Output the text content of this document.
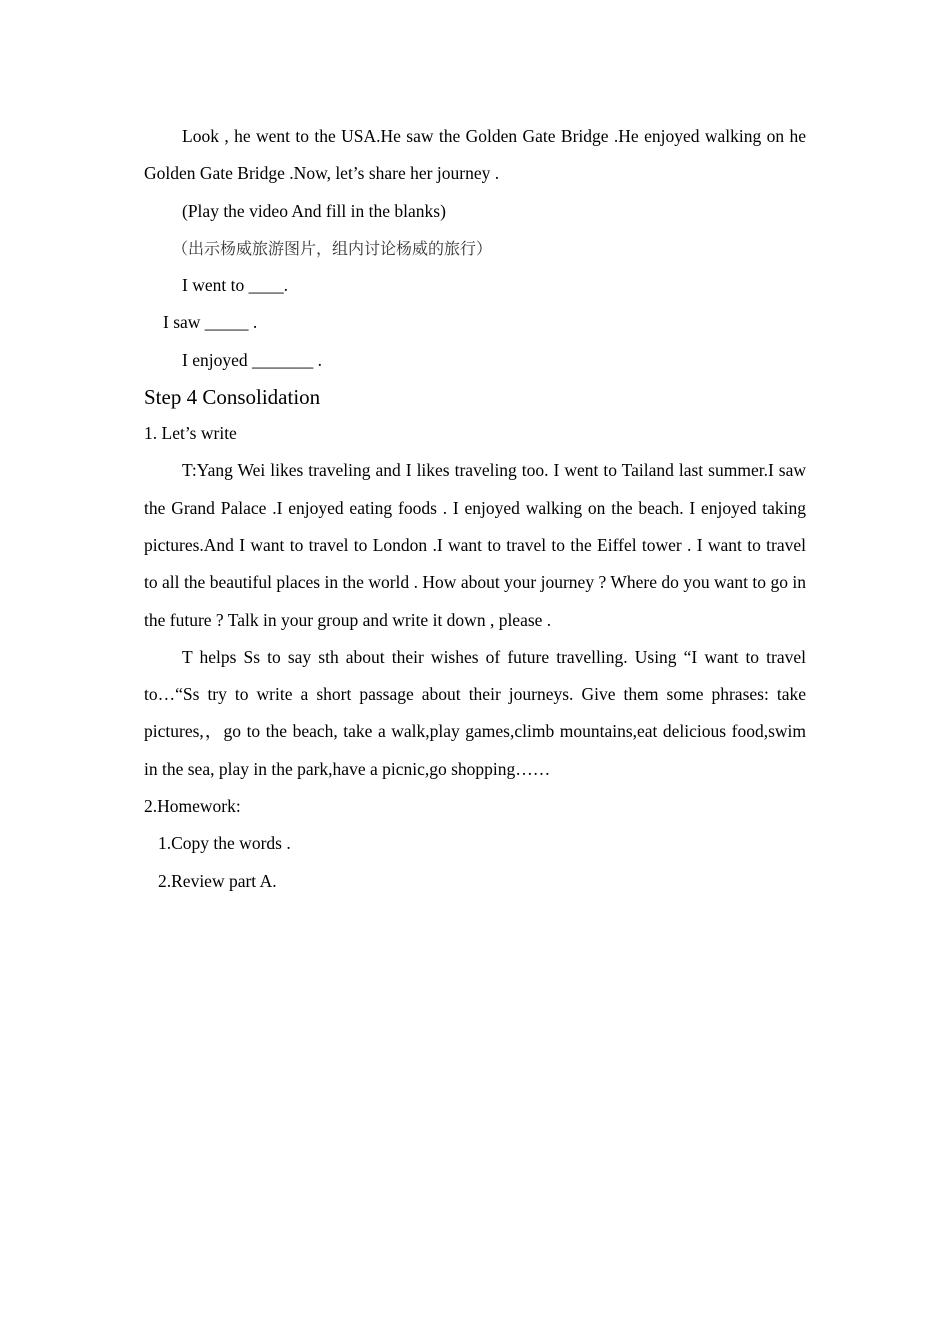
Look , he went to the USA.He saw the Golden Gate Bridge .He enjoyed walking on he Golden Gate Bridge .Now, let’s share her journey .

(Play the video And fill in the blanks)

（出示杨威旅游图片，组内讨论杨威的旅行）

I went to ____.

I saw _____ .

I enjoyed _______ .

Step 4 Consolidation

1. Let’s write

T:Yang Wei likes traveling and I likes traveling too. I went to Tailand last summer.I saw the Grand Palace .I enjoyed eating foods . I enjoyed walking on the beach. I enjoyed taking pictures.And I want to travel to London .I want to travel to the Eiffel tower . I want to travel to all the beautiful places in the world . How about your journey ? Where do you want to go in the future ? Talk in your group and write it down , please .

T helps Ss to say sth about their wishes of future travelling. Using “I want to travel to…“Ss try to write a short passage about their journeys. Give them some phrases: take pictures,，go to the beach, take a walk,play games,climb mountains,eat delicious food,swim in the sea, play in the park,have a picnic,go shopping……

2.Homework:

1.Copy the words .

2.Review part A.
